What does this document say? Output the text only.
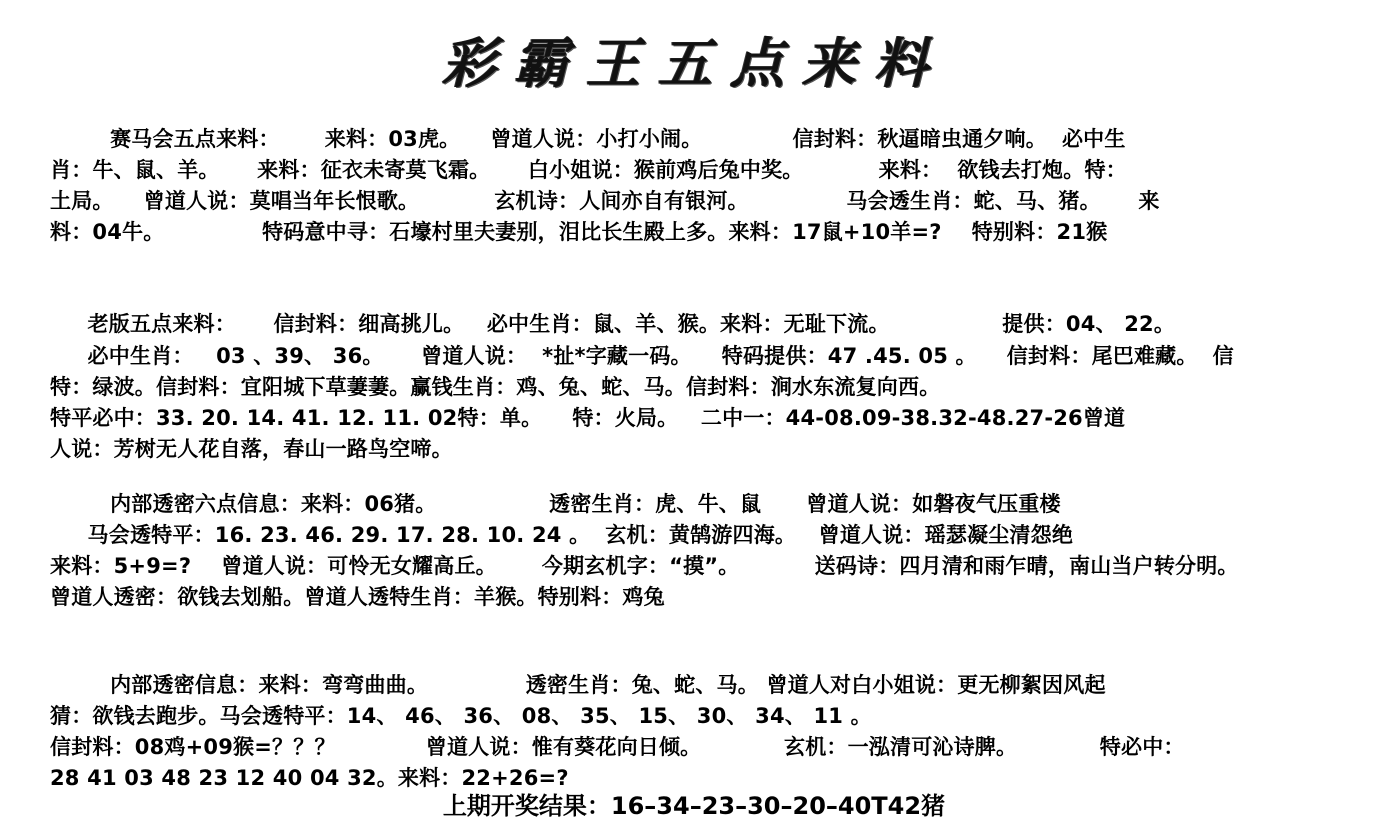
彩霸王五点来料
赛马会五点来料：      来料：03虎。    曾道人说：小打小闹。            信封料：秋逼暗虫通夕响。  必中生
肖：牛、鼠、羊。     来料：征衣未寄莫飞霜。     白小姐说：猴前鸡后兔中奖。          来料：  欲钱去打炮。特：
土局。    曾道人说：莫唱当年长恨歌。          玄机诗：人间亦自有银河。             马会透生肖：蛇、马、猪。     来
料：04牛。             特码意中寻：石壕村里夫妻别，泪比长生殿上多。来料：17鼠+10羊=?    特别料：21猴
老版五点来料：     信封料：细高挑儿。   必中生肖：鼠、羊、猴。来料：无耻下流。               提供：04、 22。
必中生肖：   03 、39、 36。     曾道人说：  *扯*字藏一码。    特码提供：47 .45. 05 。    信封料：尾巴难藏。  信
特：绿波。信封料：宜阳城下草萋萋。赢钱生肖：鸡、兔、蛇、马。信封料：涧水东流复向西。
特平必中：33. 20. 14. 41. 12. 11. 02特：单。    特：火局。   二中一：44-08.09-38.32-48.27-26曾道
人说：芳树无人花自落，春山一路鸟空啼。
内部透密六点信息：来料：06猪。               透密生肖：虎、牛、鼠      曾道人说：如磐夜气压重楼
马会透特平：16. 23. 46. 29. 17. 28. 10. 24 。  玄机：黄鹄游四海。   曾道人说：瑶瑟凝尘清怨绝
来料：5+9=?    曾道人说：可怜无女耀高丘。      今期玄机字：“摸”。          送码诗：四月清和雨乍晴，南山当户转分明。
曾道人透密：欲钱去划船。曾道人透特生肖：羊猴。特别料：鸡兔
内部透密信息：来料：弯弯曲曲。             透密生肖：兔、蛇、马。 曾道人对白小姐说：更无柳絮因风起
猜：欲钱去跑步。马会透特平：14、 46、 36、 08、 35、 15、 30、 34、 11 。
信封料：08鸡+09猴=？？？            曾道人说：惟有葵花向日倾。           玄机：一泓清可沁诗脾。           特必中：
28 41 03 48 23 12 40 04 32。来料：22+26=?
上期开奖结果：16–34–23–30–20–40T42猪
